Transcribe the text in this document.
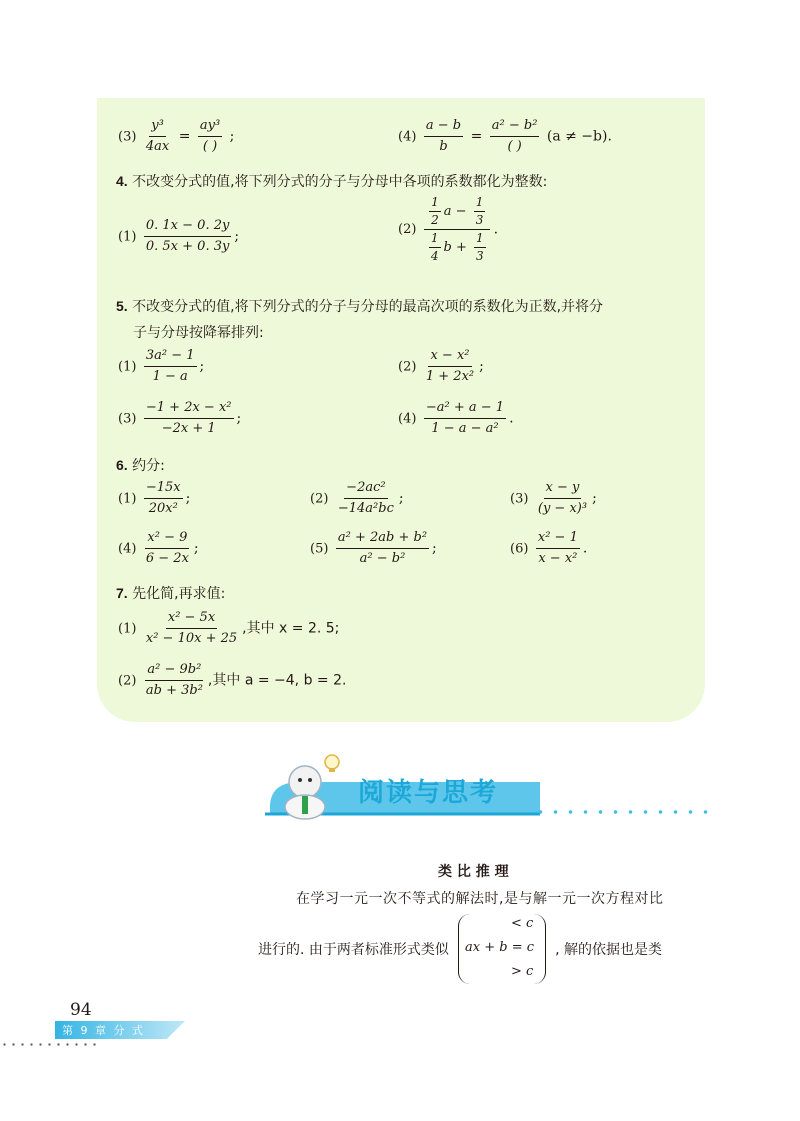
$(3) \frac{\text{y³}}{4ax} = \frac{\text{ay³}}{( )}$ ;	$(4) \frac{a - b}{b} = \frac{\text{a² − b²}}{( )} (a \ne -b)$.
4. 不改变分式的值,将下列分式的分子与分母中各项的系数都化为整数:
$(1) \frac{0. 1x - 0. 2y}{0. 5x + 0. 3y}$ ;	$(2) \frac{\frac{1}{2} a - \frac{1}{3}}{\frac{1}{4} b + \frac{1}{3}}$ .
5. 不改变分式的值,将下列分式的分子与分母的最高次项的系数化为正数,并将分
子与分母按降幂排列:
$(1) \frac{\text{3a² − 1}}{1 - a}$ ;	$(2) \frac{\text{x − x²}}{\text{1 + 2x²}}$ ;
$(3) \frac{\text{−1 + 2x − x²}}{-2x + 1}$ ;	$(4) \frac{\text{−a² + a − 1}}{\text{1 − a − a²}}$ .
6. 约分:
$(1) \frac{-15x}{\text{20x²}}$ ;	$(2) \frac{\text{−2ac²}}{\text{−14a²bc}}$ ;	$(3) \frac{x - y}{\text{(y − x)³}}$ ;
$(4) \frac{\text{x² − 9}}{6 - 2x}$ ;	$(5) \frac{\text{a² + 2ab + b²}}{\text{a² − b²}}$ ;	$(6) \frac{\text{x² − 1}}{\text{x − x²}}$ .
7. 先化简,再求值:
$(1) \frac{\text{x² − 5x}}{\text{x² − 10x + 25}}$ ,其中 x = 2. 5;
$(2) \frac{\text{a² − 9b²}}{\text{ab + 3b²}}$ ,其中 a = −4, b = 2.
阅读与思考
类 比 推 理
在学习一元一次不等式的解法时,是与解一元一次方程对比
进行的. 由于两者标准形式类似
< c
ax + b = c
> c
, 解的依据也是类
94
第 9 章 分 式
